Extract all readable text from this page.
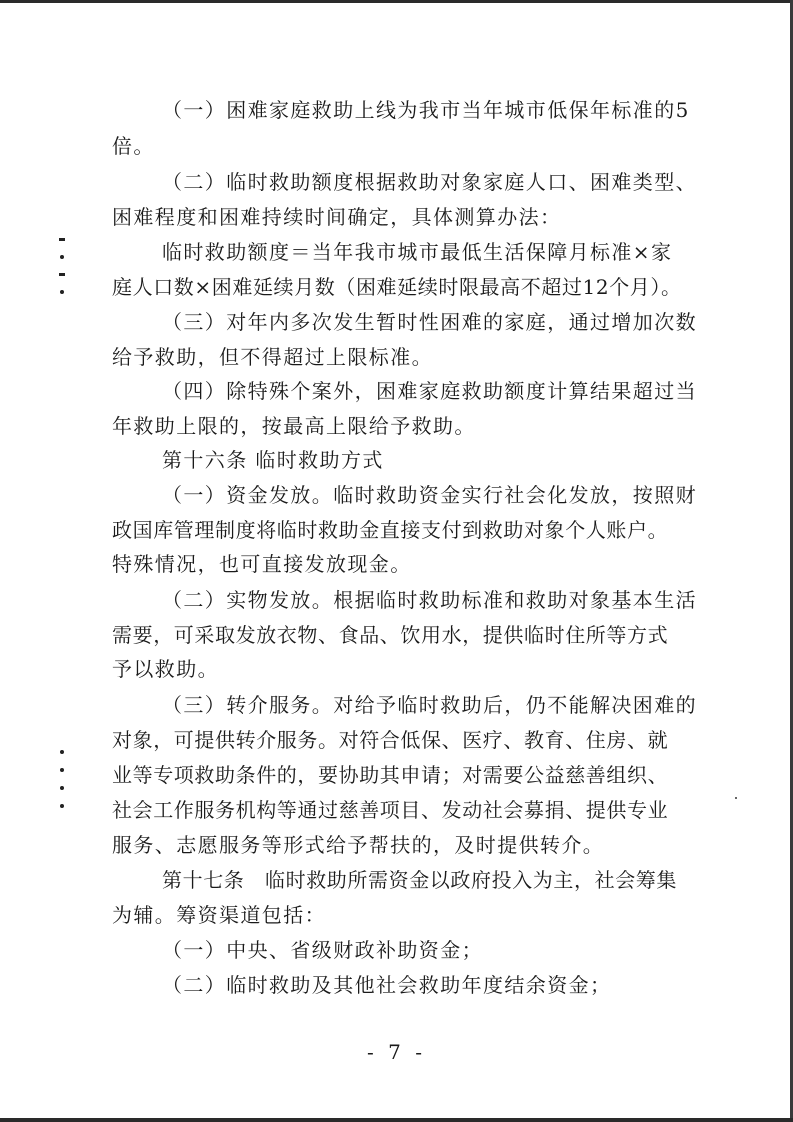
（一）困难家庭救助上线为我市当年城市低保年标准的5
倍。
（二）临时救助额度根据救助对象家庭人口、困难类型、
困难程度和困难持续时间确定，具体测算办法：
临时救助额度＝当年我市城市最低生活保障月标准×家
庭人口数×困难延续月数（困难延续时限最高不超过12个月）。
（三）对年内多次发生暂时性困难的家庭，通过增加次数
给予救助，但不得超过上限标准。
（四）除特殊个案外，困难家庭救助额度计算结果超过当
年救助上限的，按最高上限给予救助。
第十六条 临时救助方式
（一）资金发放。临时救助资金实行社会化发放，按照财
政国库管理制度将临时救助金直接支付到救助对象个人账户。
特殊情况，也可直接发放现金。
（二）实物发放。根据临时救助标准和救助对象基本生活
需要，可采取发放衣物、食品、饮用水，提供临时住所等方式
予以救助。
（三）转介服务。对给予临时救助后，仍不能解决困难的
对象，可提供转介服务。对符合低保、医疗、教育、住房、就
业等专项救助条件的，要协助其申请；对需要公益慈善组织、
社会工作服务机构等通过慈善项目、发动社会募捐、提供专业
服务、志愿服务等形式给予帮扶的，及时提供转介。
第十七条　临时救助所需资金以政府投入为主，社会筹集
为辅。筹资渠道包括：
（一）中央、省级财政补助资金；
（二）临时救助及其他社会救助年度结余资金；
- 7 -
